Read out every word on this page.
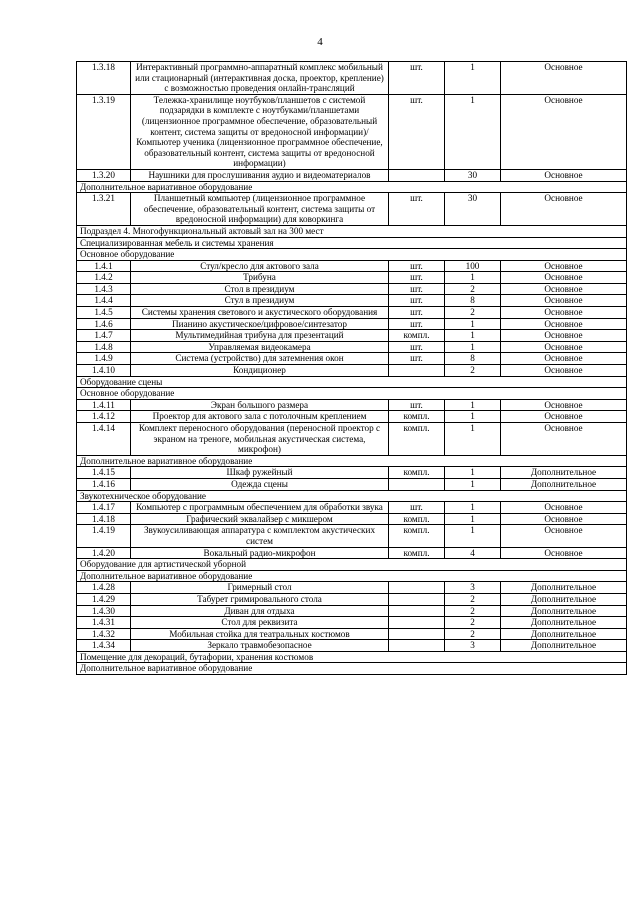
4
1.3.18	Интерактивный программно-аппаратный комплекс мобильный или стационарный (интерактивная доска, проектор, крепление) с возможностью проведения онлайн-трансляций	шт.	1	Основное
1.3.19	Тележка-хранилище ноутбуков/планшетов с системой подзарядки в комплекте с ноутбуками/планшетами (лицензионное программное обеспечение, образовательный контент, система защиты от вредоносной информации)/ Компьютер ученика (лицензионное программное обеспечение, образовательный контент, система защиты от вредоносной информации)	шт.	1	Основное
1.3.20	Наушники для прослушивания аудио и видеоматериалов		30	Основное
Дополнительное вариативное оборудование				
1.3.21	Планшетный компьютер (лицензионное программное обеспечение, образовательный контент, система защиты от вредоносной информации) для коворкинга	шт.	30	Основное
Подраздел 4. Многофункциональный актовый зал на 300 мест				
Специализированная мебель и системы хранения				
Основное оборудование				
1.4.1	Стул/кресло для актового зала	шт.	100	Основное
1.4.2	Трибуна	шт.	1	Основное
1.4.3	Стол в президиум	шт.	2	Основное
1.4.4	Стул в президиум	шт.	8	Основное
1.4.5	Системы хранения светового и акустического оборудования	шт.	2	Основное
1.4.6	Пианино акустическое/цифровое/синтезатор	шт.	1	Основное
1.4.7	Мультимедийная трибуна для презентаций	компл.	1	Основное
1.4.8	Управляемая видеокамера	шт.	1	Основное
1.4.9	Система (устройство) для затемнения окон	шт.	8	Основное
1.4.10	Кондиционер		2	Основное
Оборудование сцены				
Основное оборудование				
1.4.11	Экран большого размера	шт.	1	Основное
1.4.12	Проектор для актового зала с потолочным креплением	компл.	1	Основное
1.4.14	Комплект переносного оборудования (переносной проектор с экраном на треноге, мобильная акустическая система, микрофон)	компл.	1	Основное
Дополнительное вариативное оборудование				
1.4.15	Шкаф ружейный	компл.	1	Дополнительное
1.4.16	Одежда сцены		1	Дополнительное
Звукотехническое оборудование				
1.4.17	Компьютер с программным обеспечением для обработки звука	шт.	1	Основное
1.4.18	Графический эквалайзер с микшером	компл.	1	Основное
1.4.19	Звукоусиливающая аппаратура с комплектом акустических систем	компл.	1	Основное
1.4.20	Вокальный радио-микрофон	компл.	4	Основное
Оборудование для артистической уборной				
Дополнительное вариативное оборудование				
1.4.28	Гримерный стол		3	Дополнительное
1.4.29	Табурет гримировального стола		2	Дополнительное
1.4.30	Диван для отдыха		2	Дополнительное
1.4.31	Стол для реквизита		2	Дополнительное
1.4.32	Мобильная стойка для театральных костюмов		2	Дополнительное
1.4.34	Зеркало травмобезопасное		3	Дополнительное
Помещение для декораций, бутафории, хранения костюмов				
Дополнительное вариативное оборудование				
